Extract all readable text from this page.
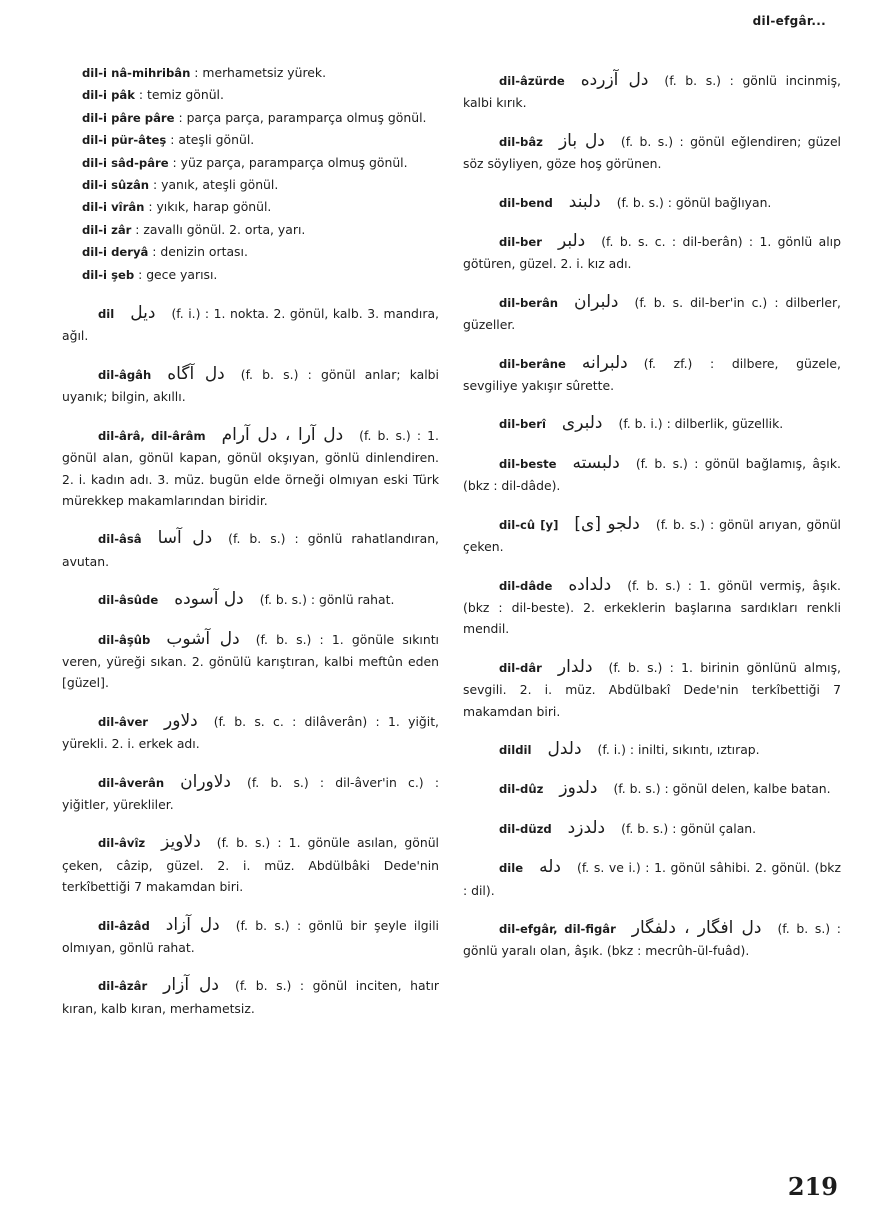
dil-efgâr...

dil-i nâ-mihribân : merhametsiz yürek.

dil-i pâk : temiz gönül.

dil-i pâre pâre : parça parça, paramparça olmuş gönül.

dil-i pür-âteş : ateşli gönül.

dil-i sâd-pâre : yüz parça, paramparça olmuş gönül.

dil-i sûzân : yanık, ateşli gönül.

dil-i vîrân : yıkık, harap gönül.

dil-i zâr : zavallı gönül. 2. orta, yarı.

dil-i deryâ : denizin ortası.

dil-i şeb : gece yarısı.

dil دیل (f. i.) : 1. nokta. 2. gönül, kalb. 3. mandıra, ağıl.

dil-âgâh دل آگاه (f. b. s.) : gönül anlar; kalbi uyanık; bilgin, akıllı.

dil-ârâ, dil-ârâm دل آرا ، دل آرام (f. b. s.) : 1. gönül alan, gönül kapan, gönül okşıyan, gönlü dinlendiren. 2. i. kadın adı. 3. müz. bugün elde örneği olmıyan eski Türk mürekkep makamlarından biridir.

dil-âsâ دل آسا (f. b. s.) : gönlü rahatlandıran, avutan.

dil-âsûde دل آسوده (f. b. s.) : gönlü rahat.

dil-âşûb دل آشوب (f. b. s.) : 1. gönüle sıkıntı veren, yüreği sıkan. 2. gönülü karıştıran, kalbi meftûn eden [güzel].

dil-âver دلاور (f. b. s. c. : dilâverân) : 1. yiğit, yürekli. 2. i. erkek adı.

dil-âverân دلاوران (f. b. s.) : dil-âver'in c.) : yiğitler, yürekliler.

dil-âvîz دلاویز (f. b. s.) : 1. gönüle asılan, gönül çeken, câzip, güzel. 2. i. müz. Abdülbâki Dede'nin terkîbettiği 7 makamdan biri.

dil-âzâd دل آزاد (f. b. s.) : gönlü bir şeyle ilgili olmıyan, gönlü rahat.

dil-âzâr دل آزار (f. b. s.) : gönül inciten, hatır kıran, kalb kıran, merhametsiz.

dil-âzürde دل آزرده (f. b. s.) : gönlü incinmiş, kalbi kırık.

dil-bâz دل باز (f. b. s.) : gönül eğlendiren; güzel söz söyliyen, göze hoş görünen.

dil-bend دلبند (f. b. s.) : gönül bağlıyan.

dil-ber دلبر (f. b. s. c. : dil-berân) : 1. gönlü alıp götüren, güzel. 2. i. kız adı.

dil-berân دلبران (f. b. s. dil-ber'in c.) : dilberler, güzeller.

dil-berâne دلبرانه (f. zf.) : dilbere, güzele, sevgiliye yakışır sûrette.

dil-berî دلبری (f. b. i.) : dilberlik, güzellik.

dil-beste دلبسته (f. b. s.) : gönül bağlamış, âşık. (bkz : dil-dâde).

dil-cû [y] دلجو [ی] (f. b. s.) : gönül arıyan, gönül çeken.

dil-dâde دلداده (f. b. s.) : 1. gönül vermiş, âşık. (bkz : dil-beste). 2. erkeklerin başlarına sardıkları renkli mendil.

dil-dâr دلدار (f. b. s.) : 1. birinin gönlünü almış, sevgili. 2. i. müz. Abdülbakî Dede'nin terkîbettiği 7 makamdan biri.

dildil دلدل (f. i.) : inilti, sıkıntı, ıztırap.

dil-dûz دلدوز (f. b. s.) : gönül delen, kalbe batan.

dil-düzd دلدزد (f. b. s.) : gönül çalan.

dile دله (f. s. ve i.) : 1. gönül sâhibi. 2. gönül. (bkz : dil).

dil-efgâr, dil-figâr دل افگار ، دلفگار (f. b. s.) : gönlü yaralı olan, âşık. (bkz : mecrûh-ül-fuâd).

219
